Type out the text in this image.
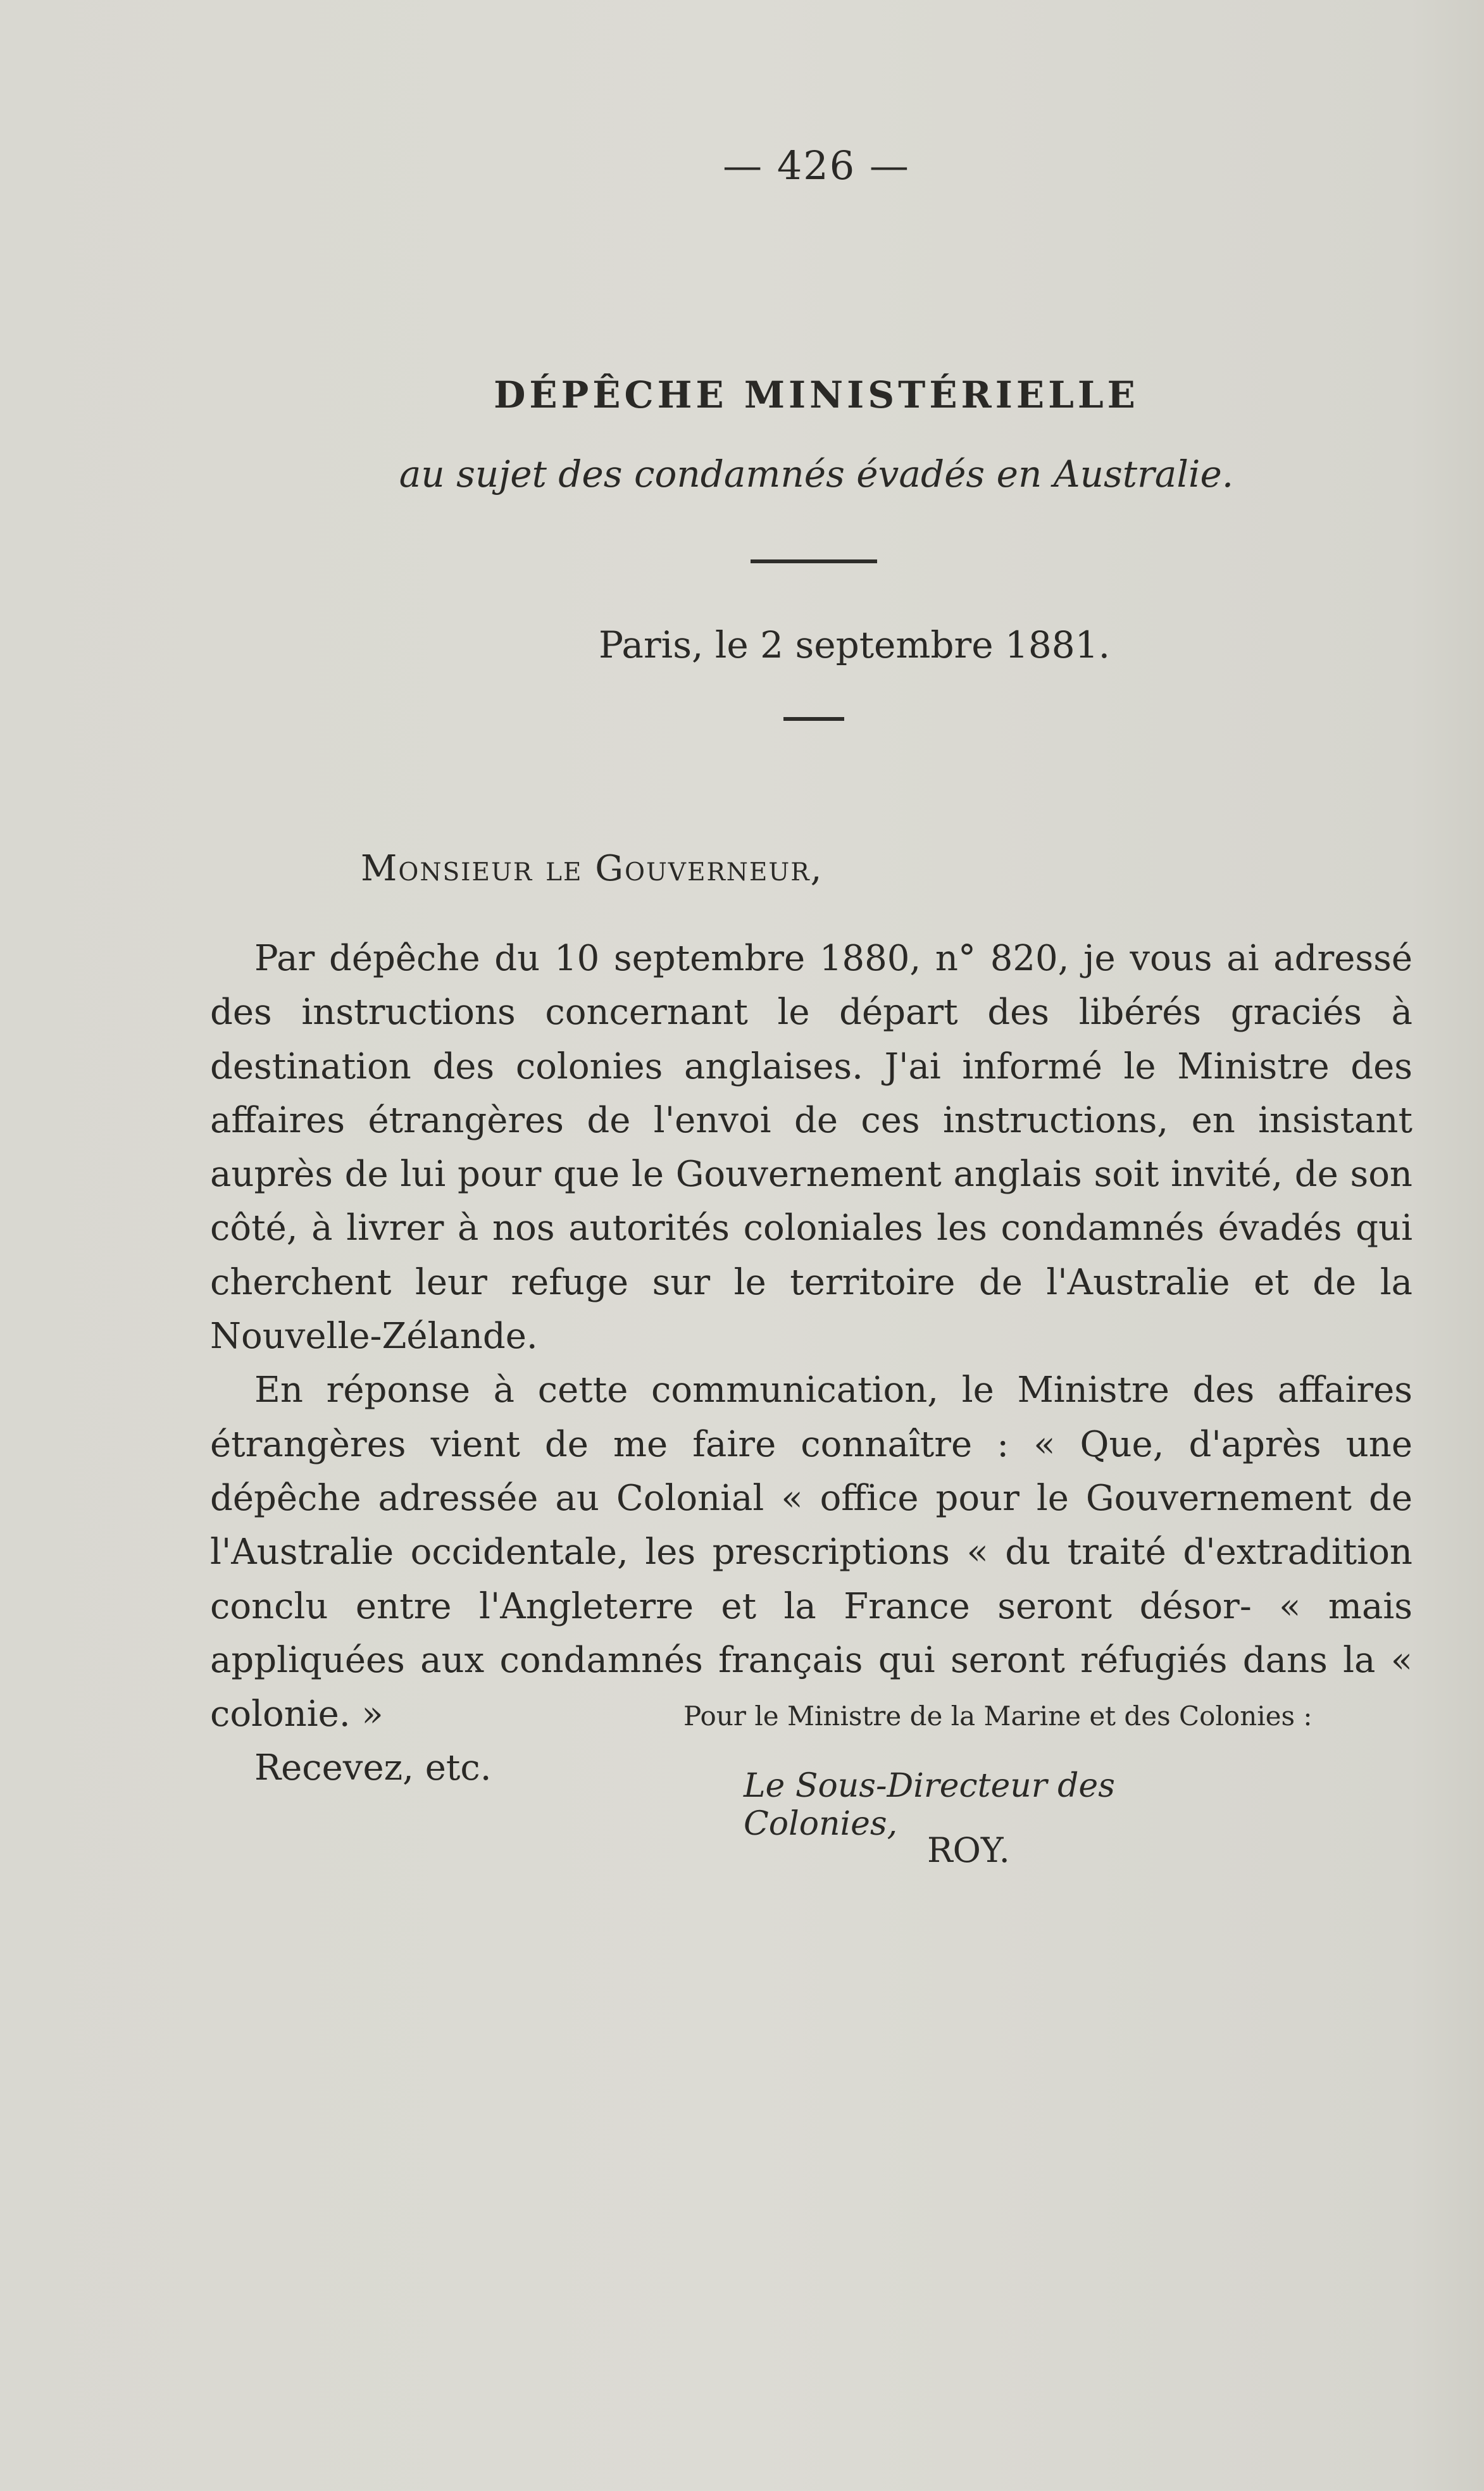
— 426 —
DÉPÊCHE MINISTÉRIELLE
au sujet des condamnés évadés en Australie.
Paris, le 2 septembre 1881.
Monsieur le Gouverneur,

Par dépêche du 10 septembre 1880, n° 820, je vous ai adressé des instructions concernant le départ des libérés graciés à destination des colonies anglaises. J'ai informé le Ministre des affaires étrangères de l'envoi de ces instructions, en insistant auprès de lui pour que le Gouvernement anglais soit invité, de son côté, à livrer à nos autorités coloniales les condamnés évadés qui cherchent leur refuge sur le territoire de l'Australie et de la Nouvelle-Zélande.

En réponse à cette communication, le Ministre des affaires étrangères vient de me faire connaître : « Que, d'après une dépêche adressée au Colonial « office pour le Gouvernement de l'Australie occidentale, les prescriptions « du traité d'extradition conclu entre l'Angleterre et la France seront désor- « mais appliquées aux condamnés français qui seront réfugiés dans la « colonie. »

Recevez, etc.

Pour le Ministre de la Marine et des Colonies :
Le Sous-Directeur des Colonies,
ROY.
